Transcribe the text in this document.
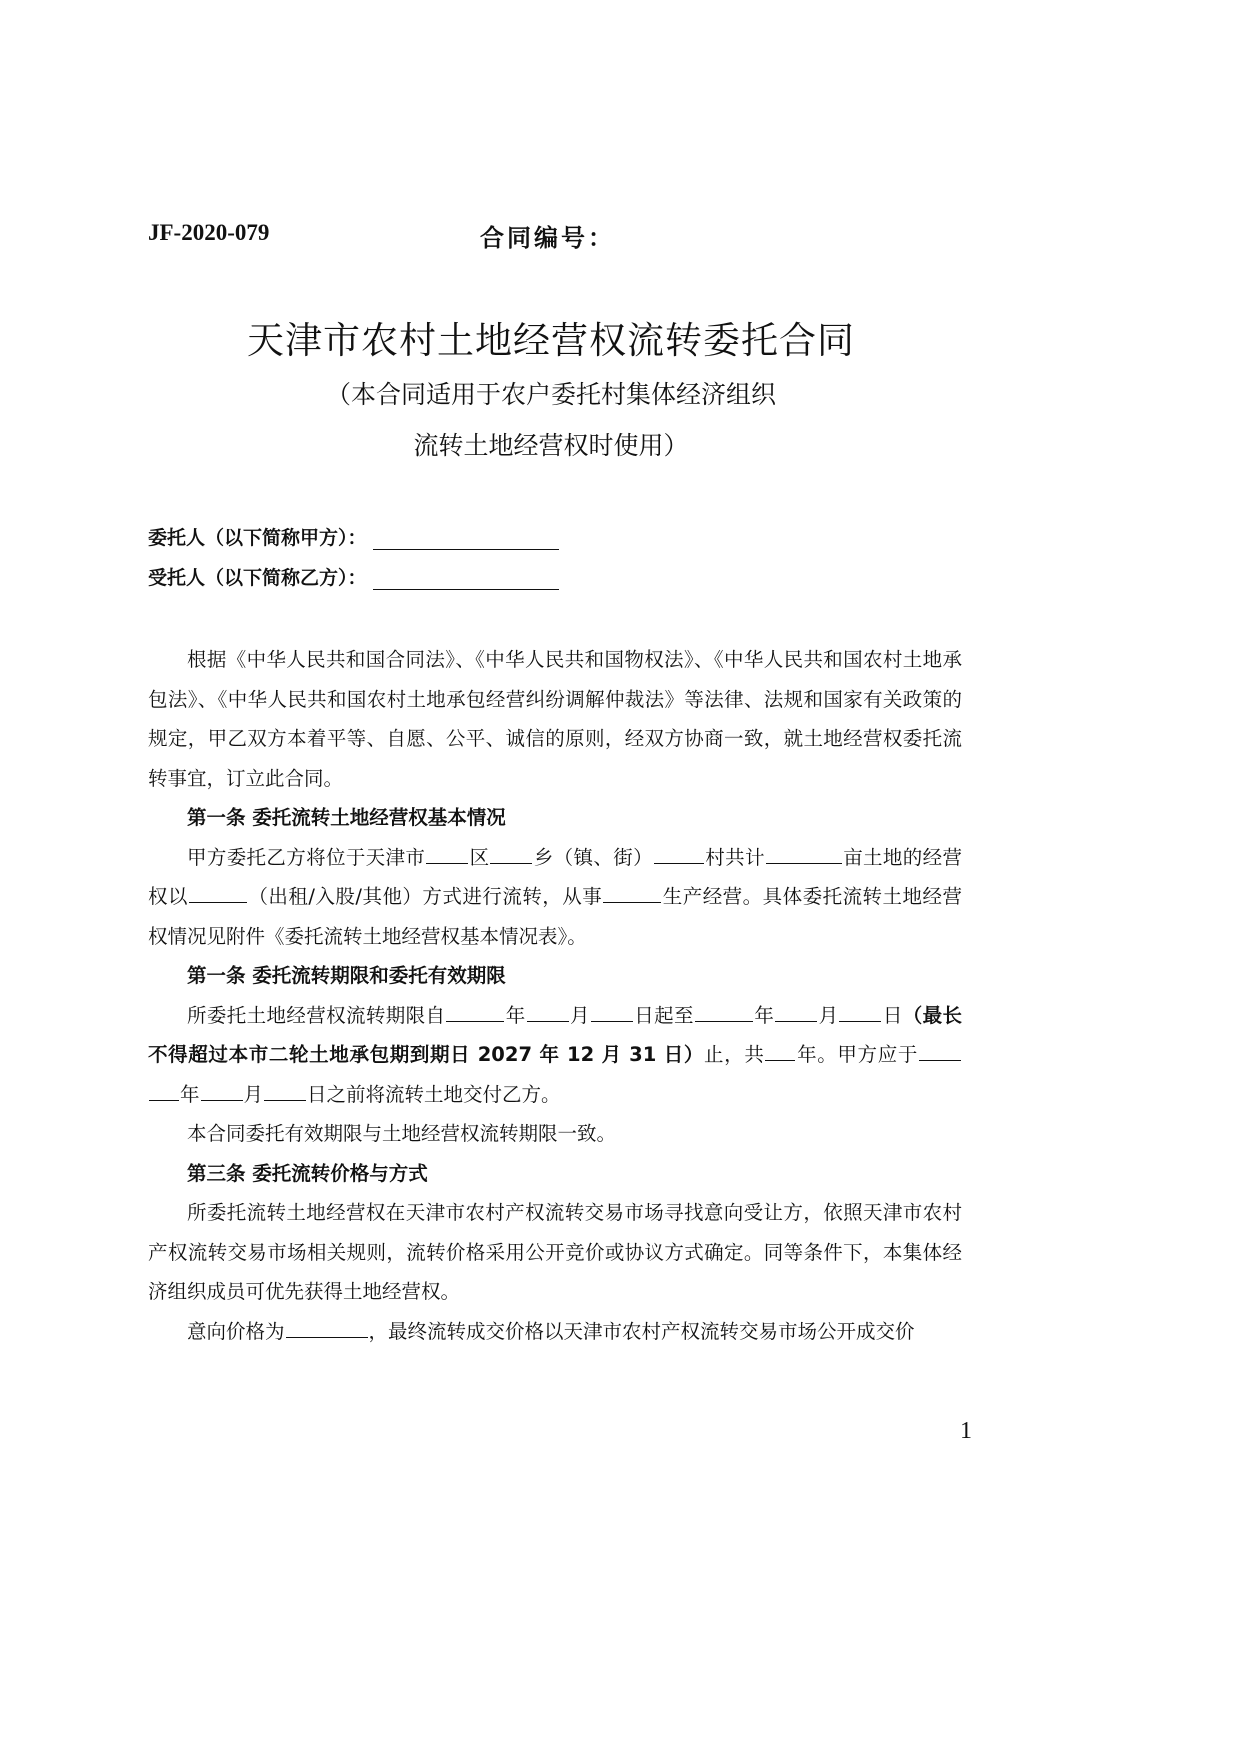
JF-2020-079	合同编号：
天津市农村土地经营权流转委托合同
（本合同适用于农户委托村集体经济组织
流转土地经营权时使用）
委托人（以下简称甲方）：
受托人（以下简称乙方）：

根据《中华人民共和国合同法》、《中华人民共和国物权法》、《中华人民共和国农村土地承包法》、《中华人民共和国农村土地承包经营纠纷调解仲裁法》等法律、法规和国家有关政策的规定，甲乙双方本着平等、自愿、公平、诚信的原则，经双方协商一致，就土地经营权委托流转事宜，订立此合同。

第一条 委托流转土地经营权基本情况

甲方委托乙方将位于天津市 区 乡（镇、街）	村共计	亩土地的经营权以	（出租/入股/其他）方式进行流转，从事	生产经营。具体委托流转土地经营权情况见附件《委托流转土地经营权基本情况表》。

第一条 委托流转期限和委托有效期限

所委托土地经营权流转期限自	年 月 日起至	年 月 日（最长不得超过本市二轮土地承包期到期日 2027 年 12 月 31 日）止，共 年。甲方应于年 月 日之前将流转土地交付乙方。

本合同委托有效期限与土地经营权流转期限一致。

第三条 委托流转价格与方式

所委托流转土地经营权在天津市农村产权流转交易市场寻找意向受让方，依照天津市农村产权流转交易市场相关规则，流转价格采用公开竞价或协议方式确定。同等条件下，本集体经济组织成员可优先获得土地经营权。

意向价格为	，最终流转成交价格以天津市农村产权流转交易市场公开成交价

1
